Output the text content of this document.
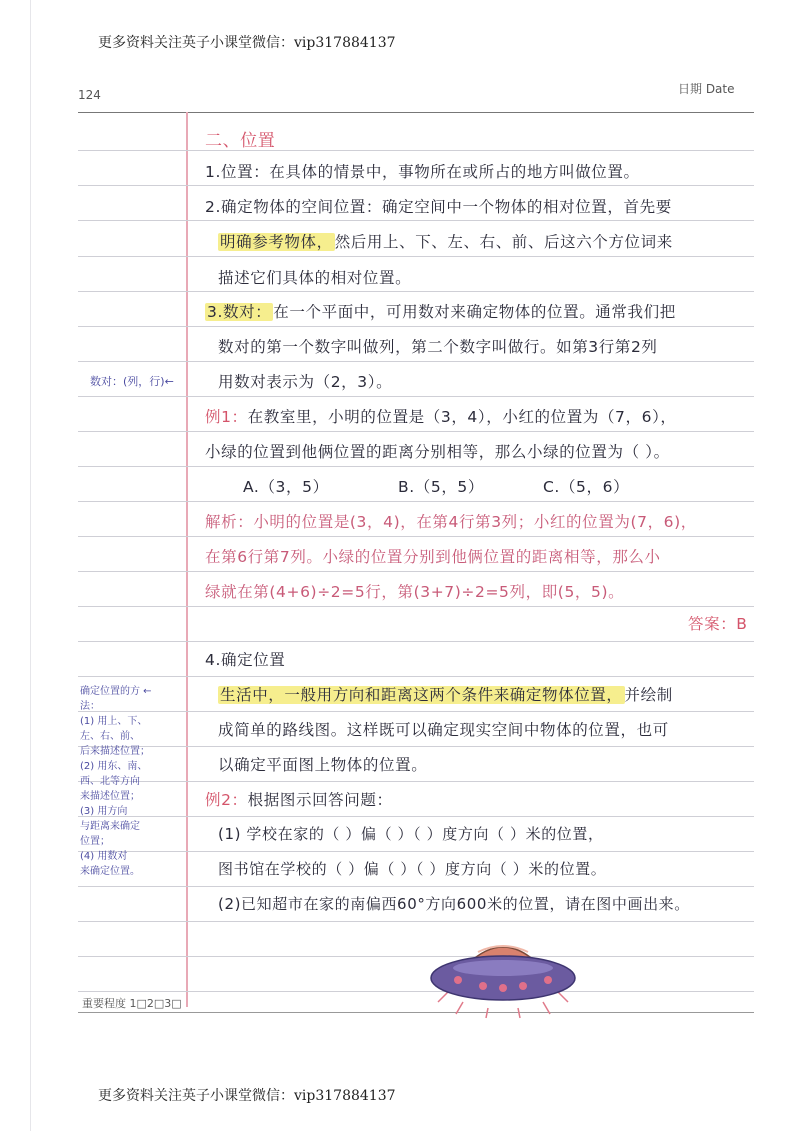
更多资料关注英子小课堂微信：vip317884137
124	日期 Date
二、位置
1.位置：在具体的情景中，事物所在或所占的地方叫做位置。
2.确定物体的空间位置：确定空间中一个物体的相对位置，首先要
明确参考物体， 然后用上、下、左、右、前、后这六个方位词来
描述它们具体的相对位置。
3.数对： 在一个平面中，可用数对来确定物体的位置。通常我们把
数对的第一个数字叫做列，第二个数字叫做行。如第3行第2列
用数对表示为（2，3）。
数对：(列，行)←
例1：在教室里，小明的位置是（3，4），小红的位置为（7，6），
小绿的位置到他俩位置的距离分别相等，那么小绿的位置为（ ）。
A.（3，5）	B.（5，5）	C.（5，6）
解析：小明的位置是(3，4)，在第4行第3列；小红的位置为(7，6)，
在第6行第7列。小绿的位置分别到他俩位置的距离相等，那么小
绿就在第(4+6)÷2=5行，第(3+7)÷2=5列，即(5，5)。
答案：B
4.确定位置
生活中，一般用方向和距离这两个条件来确定物体位置， 并绘制
成简单的路线图。这样既可以确定现实空间中物体的位置，也可
以确定平面图上物体的位置。
确定位置的方 ←
法：
(1) 用上、下、
左、右、前、
后来描述位置；
(2) 用东、南、
西、北等方向
来描述位置；
(3) 用方向
与距离来确定
位置；
(4) 用数对
来确定位置。
例2：根据图示回答问题：
(1) 学校在家的（ ）偏（ ）（ ）度方向（ ）米的位置，
图书馆在学校的（ ）偏（ ）（ ）度方向（ ）米的位置。
(2)已知超市在家的南偏西60°方向600米的位置，请在图中画出来。
重要程度 1□2□3□
更多资料关注英子小课堂微信：vip317884137
